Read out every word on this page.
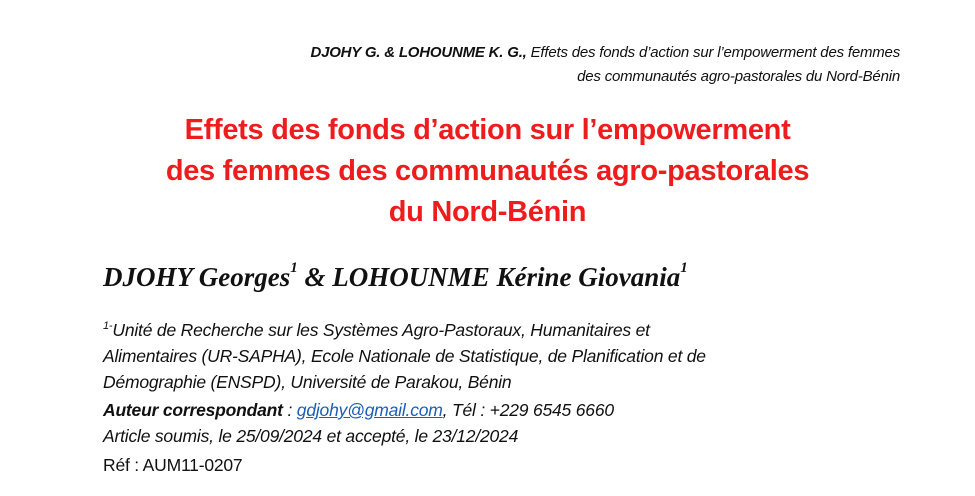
DJOHY G. & LOHOUNME K. G., Effets des fonds d’action sur l’empowerment des femmes
des communautés agro-pastorales du Nord-Bénin
Effets des fonds d’action sur l’empowerment
des femmes des communautés agro-pastorales
du Nord-Bénin
DJOHY Georges$^1$ & LOHOUNME Kérine Giovania$^1$
$^{1-}$Unité de Recherche sur les Systèmes Agro-Pastoraux, Humanitaires et
Alimentaires (UR-SAPHA), Ecole Nationale de Statistique, de Planification et de
Démographie (ENSPD), Université de Parakou, Bénin
Auteur correspondant : gdjohy@gmail.com, Tél : +229 6545 6660
Article soumis, le 25/09/2024 et accepté, le 23/12/2024
Réf : AUM11-0207
